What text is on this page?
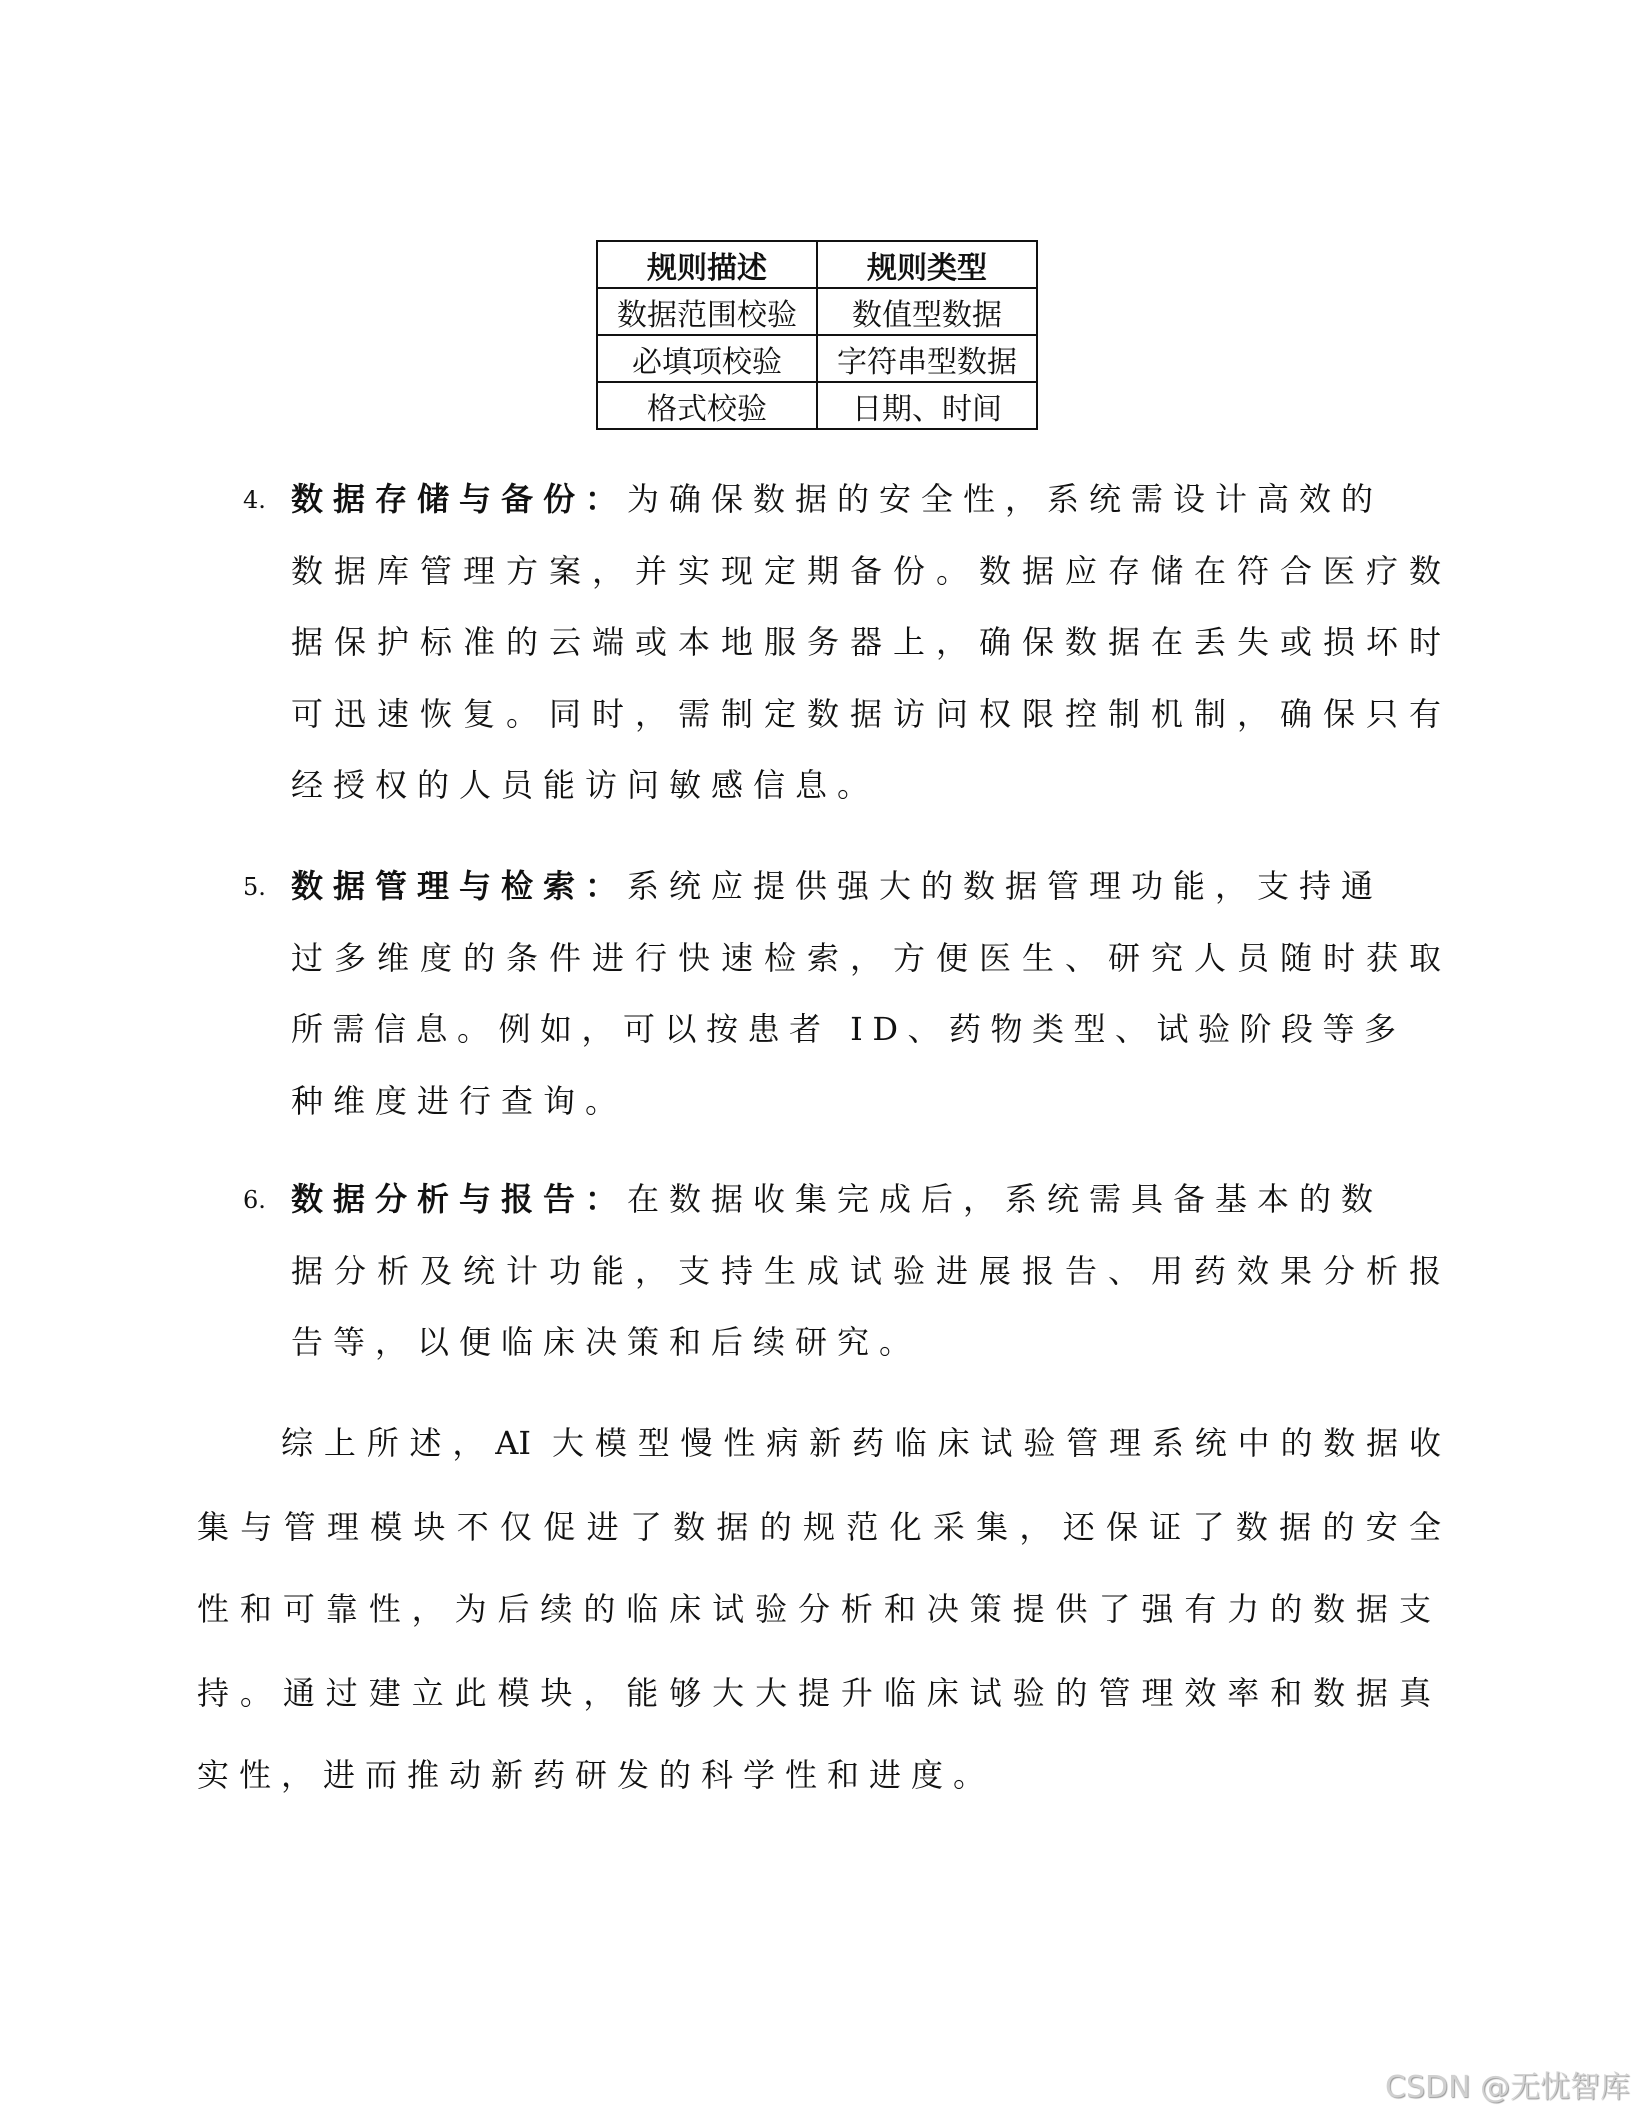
规则描述	规则类型
数据范围校验	数值型数据
必填项校验	字符串型数据
格式校验	日期、时间
4. 数据存储与备份：为确保数据的安全性，系统需设计高效的
数据库管理方案，并实现定期备份。数据应存储在符合医疗数
据保护标准的云端或本地服务器上，确保数据在丢失或损坏时
可迅速恢复。同时，需制定数据访问权限控制机制，确保只有
经授权的人员能访问敏感信息。
5. 数据管理与检索：系统应提供强大的数据管理功能，支持通
过多维度的条件进行快速检索，方便医生、研究人员随时获取
所需信息。例如，可以按患者 ID、药物类型、试验阶段等多
种维度进行查询。
6. 数据分析与报告：在数据收集完成后，系统需具备基本的数
据分析及统计功能，支持生成试验进展报告、用药效果分析报
告等，以便临床决策和后续研究。
综上所述，AI 大模型慢性病新药临床试验管理系统中的数据收
集与管理模块不仅促进了数据的规范化采集，还保证了数据的安全
性和可靠性，为后续的临床试验分析和决策提供了强有力的数据支
持。通过建立此模块，能够大大提升临床试验的管理效率和数据真
实性，进而推动新药研发的科学性和进度。
CSDN @无忧智库
